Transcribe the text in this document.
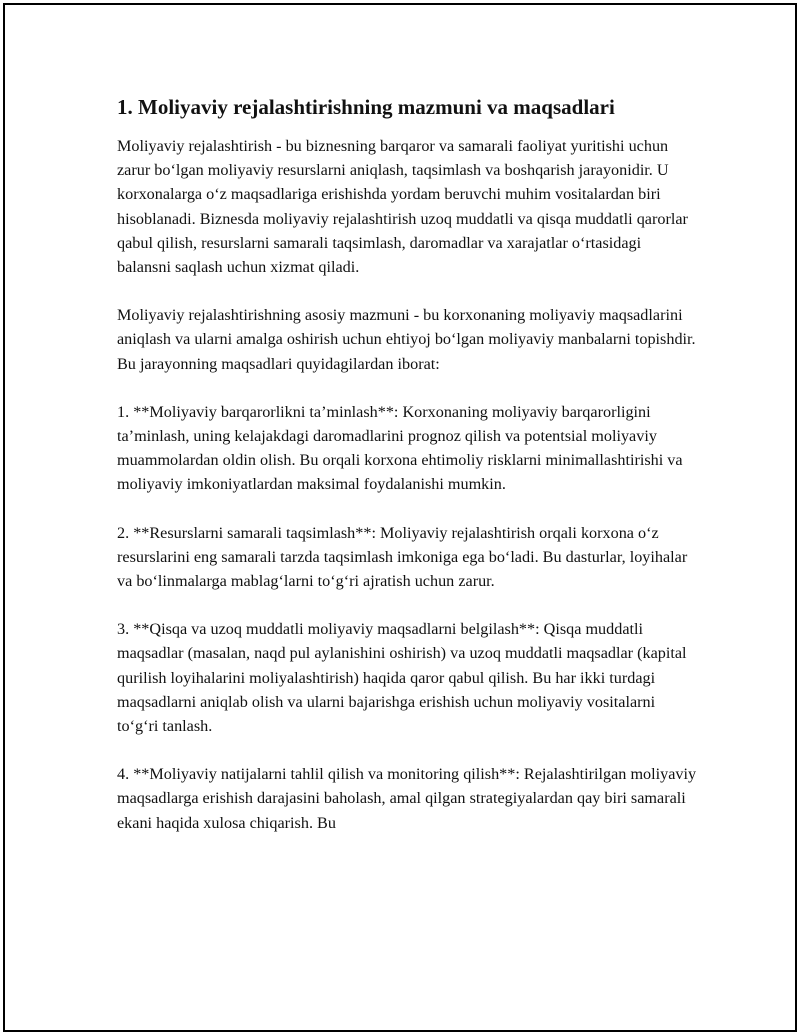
1. Moliyaviy rejalashtirishning mazmuni va maqsadlari

Moliyaviy rejalashtirish - bu biznesning barqaror va samarali faoliyat yuritishi uchun zarur bo‘lgan moliyaviy resurslarni aniqlash, taqsimlash va boshqarish jarayonidir. U korxonalarga o‘z maqsadlariga erishishda yordam beruvchi muhim vositalardan biri hisoblanadi. Biznesda moliyaviy rejalashtirish uzoq muddatli va qisqa muddatli qarorlar qabul qilish, resurslarni samarali taqsimlash, daromadlar va xarajatlar o‘rtasidagi balansni saqlash uchun xizmat qiladi.

Moliyaviy rejalashtirishning asosiy mazmuni - bu korxonaning moliyaviy maqsadlarini aniqlash va ularni amalga oshirish uchun ehtiyoj bo‘lgan moliyaviy manbalarni topishdir. Bu jarayonning maqsadlari quyidagilardan iborat:

1. **Moliyaviy barqarorlikni ta’minlash**: Korxonaning moliyaviy barqarorligini ta’minlash, uning kelajakdagi daromadlarini prognoz qilish va potentsial moliyaviy muammolardan oldin olish. Bu orqali korxona ehtimoliy risklarni minimallashtirishi va moliyaviy imkoniyatlardan maksimal foydalanishi mumkin.

2. **Resurslarni samarali taqsimlash**: Moliyaviy rejalashtirish orqali korxona o‘z resurslarini eng samarali tarzda taqsimlash imkoniga ega bo‘ladi. Bu dasturlar, loyihalar va bo‘linmalarga mablag‘larni to‘g‘ri ajratish uchun zarur.

3. **Qisqa va uzoq muddatli moliyaviy maqsadlarni belgilash**: Qisqa muddatli maqsadlar (masalan, naqd pul aylanishini oshirish) va uzoq muddatli maqsadlar (kapital qurilish loyihalarini moliyalashtirish) haqida qaror qabul qilish. Bu har ikki turdagi maqsadlarni aniqlab olish va ularni bajarishga erishish uchun moliyaviy vositalarni to‘g‘ri tanlash.

4. **Moliyaviy natijalarni tahlil qilish va monitoring qilish**: Rejalashtirilgan moliyaviy maqsadlarga erishish darajasini baholash, amal qilgan strategiyalardan qay biri samarali ekani haqida xulosa chiqarish. Bu
